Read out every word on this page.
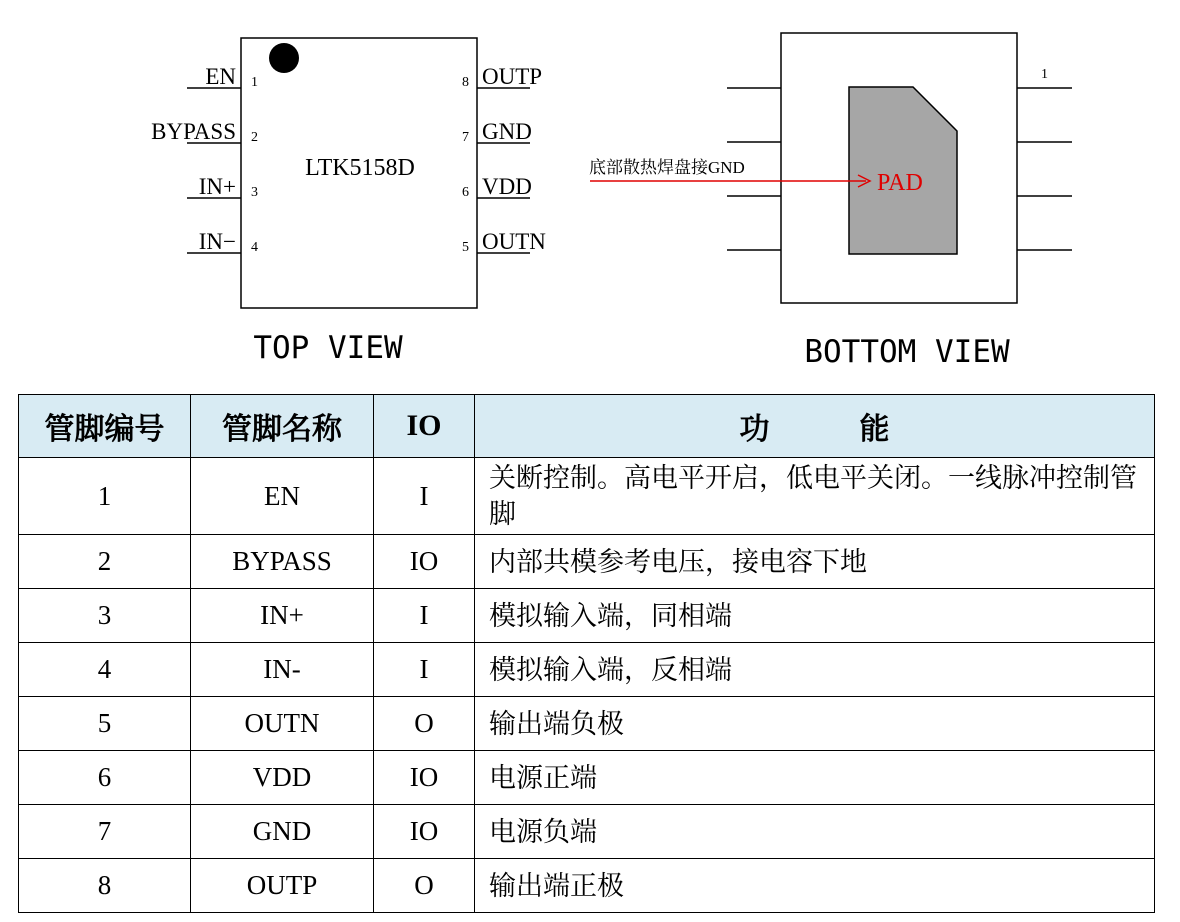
LTK5158D
EN 1
BYPASS 2
IN+ 3
IN− 4
OUTP
8
GND
7
VDD
6
OUTN
5
TOP VIEW
1
底部散热焊盘接GND
PAD
BOTTOM VIEW
管脚编号	管脚名称	IO	功 能
1	EN	I	关断控制。高电平开启，低电平关闭。一线脉冲控制管脚
2	BYPASS	IO	内部共模参考电压，接电容下地
3	IN+	I	模拟输入端，同相端
4	IN-	I	模拟输入端，反相端
5	OUTN	O	输出端负极
6	VDD	IO	电源正端
7	GND	IO	电源负端
8	OUTP	O	输出端正极
